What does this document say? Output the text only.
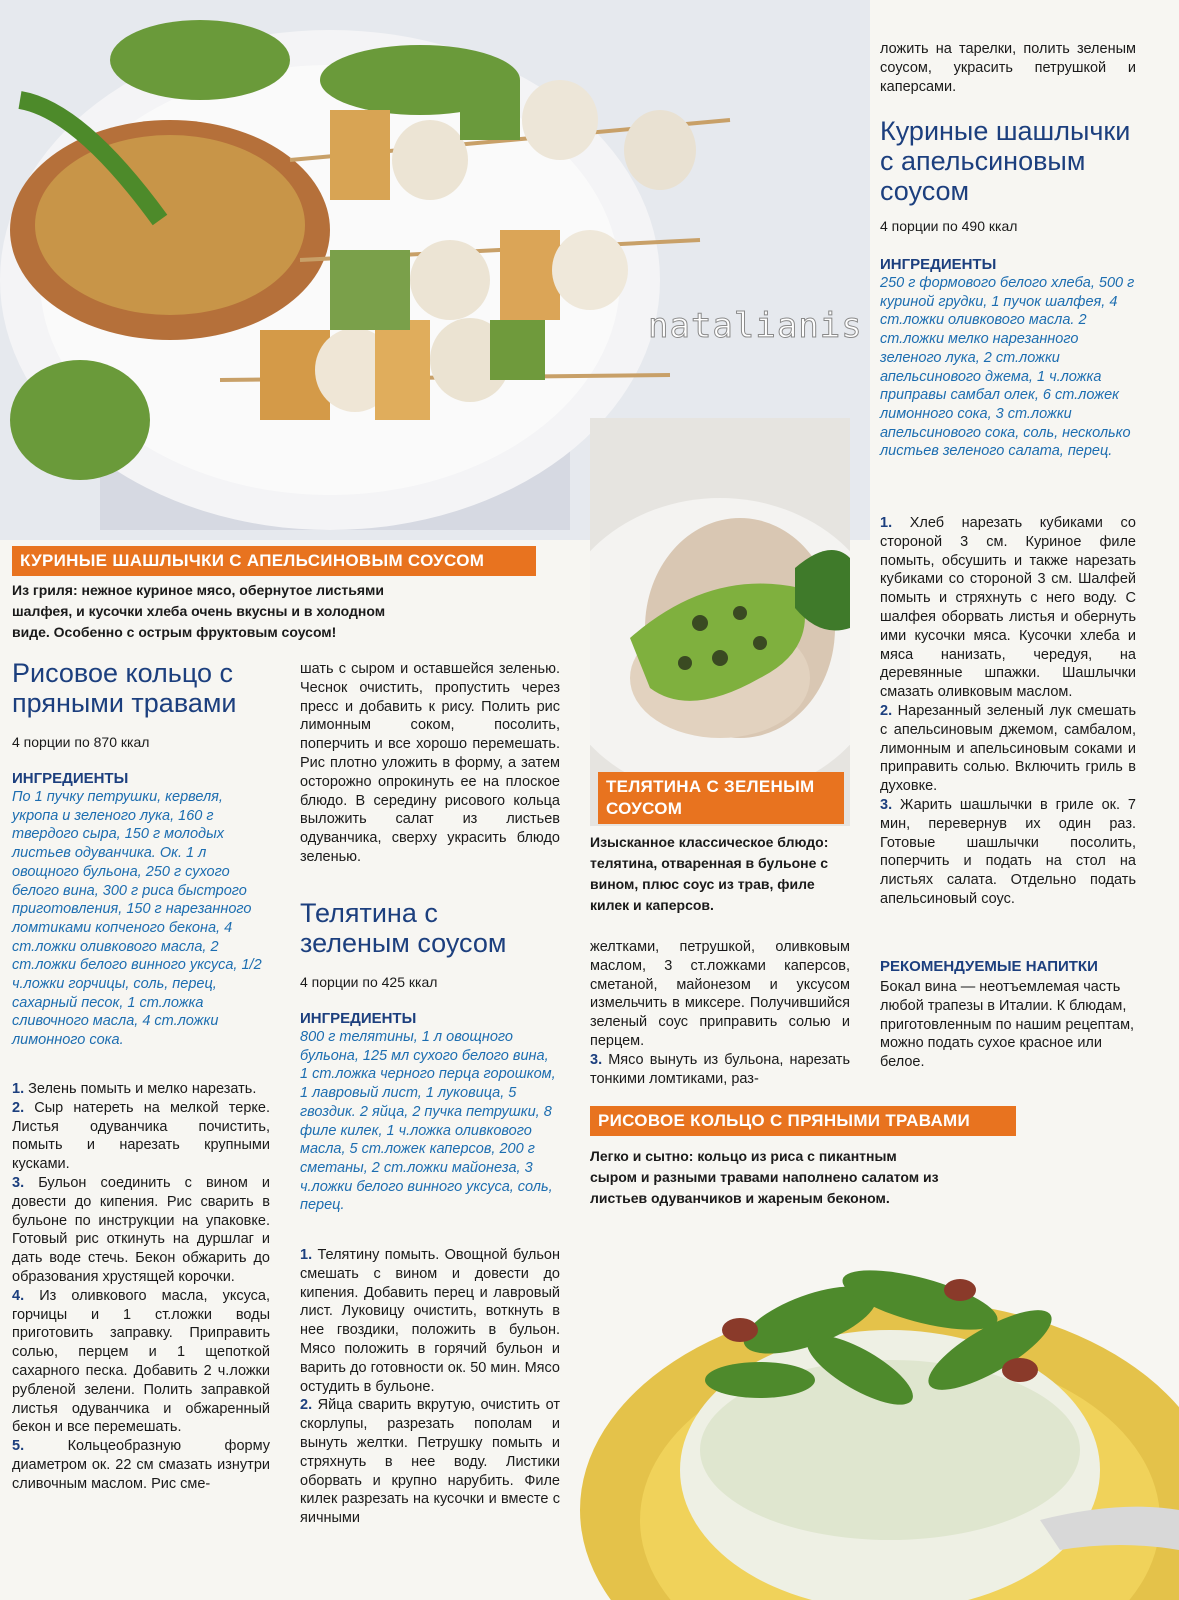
natalianis
ложить на тарелки, полить зеленым соусом, украсить петрушкой и каперсами.
Куриные шашлычки с апельсиновым соусом
4 порции по 490 ккал
ИНГРЕДИЕНТЫ
250 г формового белого хлеба, 500 г куриной грудки, 1 пучок шалфея, 4 ст.ложки оливкового масла. 2 ст.ложки мелко нарезанного зеленого лука, 2 ст.ложки апельсинового джема, 1 ч.ложка приправы самбал олек, 6 ст.ложек лимонного сока, 3 ст.ложки апельсинового сока, соль, несколько листьев зеленого салата, перец.

1. Хлеб нарезать кубиками со стороной 3 см. Куриное филе помыть, обсушить и также нарезать кубиками со стороной 3 см. Шалфей помыть и стряхнуть с него воду. С шалфея оборвать листья и обернуть ими кусочки мяса. Кусочки хлеба и мяса нанизать, чередуя, на деревянные шпажки. Шашлычки смазать оливковым маслом.

2. Нарезанный зеленый лук смешать с апельсиновым джемом, самбалом, лимонным и апельсиновым соками и приправить солью. Включить гриль в духовке.

3. Жарить шашлычки в гриле ок. 7 мин, перевернув их один раз. Готовые шашлычки посолить, поперчить и подать на стол на листьях салата. Отдельно подать апельсиновый соус.

РЕКОМЕНДУЕМЫЕ НАПИТКИ
Бокал вина — неотъемлемая часть любой трапезы в Италии. К блюдам, приготовленным по нашим рецептам, можно подать сухое красное или белое.
КУРИНЫЕ ШАШЛЫЧКИ С АПЕЛЬСИНОВЫМ СОУСОМ
Из гриля: нежное куриное мясо, обернутое листьями шалфея, и кусочки хлеба очень вкусны и в холодном виде. Особенно с острым фруктовым соусом!
Рисовое кольцо с пряными травами
4 порции по 870 ккал
ИНГРЕДИЕНТЫ
По 1 пучку петрушки, кервеля, укропа и зеленого лука, 160 г твердого сыра, 150 г молодых листьев одуванчика. Ок. 1 л овощного бульона, 250 г сухого белого вина, 300 г риса быстрого приготовления, 150 г нарезанного ломтиками копченого бекона, 4 ст.ложки оливкового масла, 2 ст.ложки белого винного уксуса, 1/2 ч.ложки горчицы, соль, перец, сахарный песок, 1 ст.ложка сливочного масла, 4 ст.ложки лимонного сока.

1. Зелень помыть и мелко нарезать.

2. Сыр натереть на мелкой терке. Листья одуванчика почистить, помыть и нарезать крупными кусками.

3. Бульон соединить с вином и довести до кипения. Рис сварить в бульоне по инструкции на упаковке. Готовый рис откинуть на дуршлаг и дать воде стечь. Бекон обжарить до образования хрустящей корочки.

4. Из оливкового масла, уксуса, горчицы и 1 ст.ложки воды приготовить заправку. Приправить солью, перцем и 1 щепоткой сахарного песка. Добавить 2 ч.ложки рубленой зелени. Полить заправкой листья одуванчика и обжаренный бекон и все перемешать.

5.	Кольцеобразную форму диаметром ок. 22 см смазать изнутри сливочным маслом. Рис сме-

шать с сыром и оставшейся зеленью. Чеснок очистить, пропустить через пресс и добавить к рису. Полить рис лимонным соком, посолить, поперчить и все хорошо перемешать. Рис плотно уложить в форму, а затем осторожно опрокинуть ее на плоское блюдо. В середину рисового кольца выложить салат из листьев одуванчика, сверху украсить блюдо зеленью.
Телятина с зеленым соусом
4 порции по 425 ккал
ИНГРЕДИЕНТЫ
800 г телятины, 1 л овощного бульона, 125 мл сухого белого вина, 1 ст.ложка черного перца горошком, 1 лавровый лист, 1 луковица, 5 гвоздик. 2 яйца, 2 пучка петрушки, 8 филе килек, 1 ч.ложка оливкового масла, 5 ст.ложек каперсов, 200 г сметаны, 2 ст.ложки майонеза, 3 ч.ложки белого винного уксуса, соль, перец.

1. Телятину помыть. Овощной бульон смешать с вином и довести до кипения. Добавить перец и лавровый лист. Луковицу очистить, воткнуть в нее гвоздики, положить в бульон. Мясо положить в горячий бульон и варить до готовности ок. 50 мин. Мясо остудить в бульоне.

2. Яйца сварить вкрутую, очистить от скорлупы, разрезать пополам и вынуть желтки. Петрушку помыть и стряхнуть в нее воду. Листики оборвать и крупно нарубить. Филе килек разрезать на кусочки и вместе с яичными

ТЕЛЯТИНА С ЗЕЛЕНЫМ СОУСОМ
Изысканное классическое блюдо: телятина, отваренная в бульоне с вином, плюс соус из трав, филе килек и каперсов.

желтками, петрушкой, оливковым маслом, 3 ст.ложками каперсов, сметаной, майонезом и уксусом измельчить в миксере. Получившийся зеленый соус приправить солью и перцем.

3. Мясо вынуть из бульона, нарезать тонкими ломтиками, раз-

РИСОВОЕ КОЛЬЦО С ПРЯНЫМИ ТРАВАМИ
Легко и сытно: кольцо из риса с пикантным сыром и разными травами наполнено салатом из листьев одуванчиков и жареным беконом.
